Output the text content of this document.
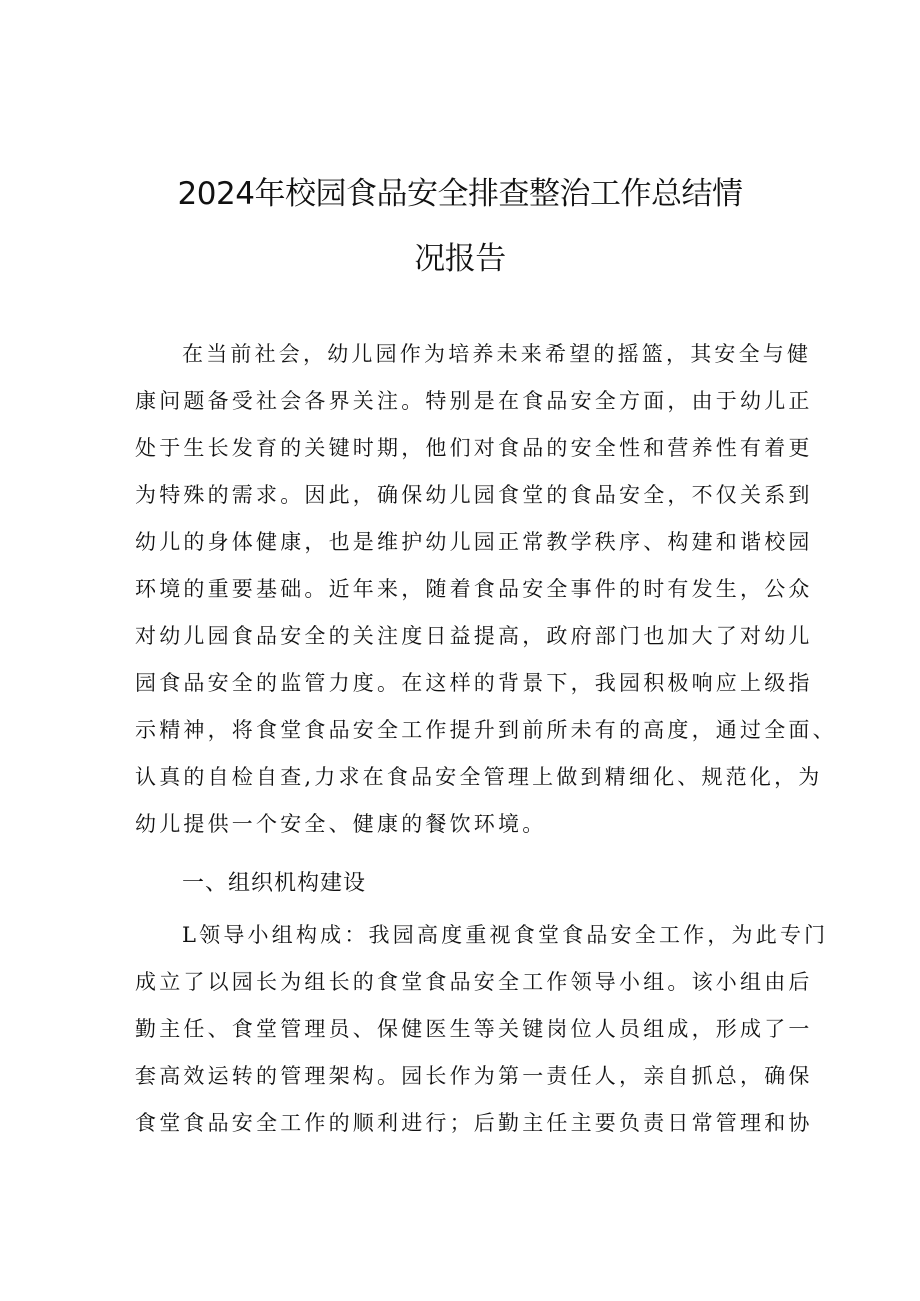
2024年校园食品安全排查整治工作总结情
况报告
在当前社会，幼儿园作为培养未来希望的摇篮，其安全与健
康问题备受社会各界关注。特别是在食品安全方面，由于幼儿正
处于生长发育的关键时期，他们对食品的安全性和营养性有着更
为特殊的需求。因此，确保幼儿园食堂的食品安全，不仅关系到
幼儿的身体健康，也是维护幼儿园正常教学秩序、构建和谐校园
环境的重要基础。近年来，随着食品安全事件的时有发生，公众
对幼儿园食品安全的关注度日益提高，政府部门也加大了对幼儿
园食品安全的监管力度。在这样的背景下，我园积极响应上级指
示精神，将食堂食品安全工作提升到前所未有的高度，通过全面、
认真的自检自查,力求在食品安全管理上做到精细化、规范化，为
幼儿提供一个安全、健康的餐饮环境。
一、组织机构建设
L领导小组构成：我园高度重视食堂食品安全工作，为此专门
成立了以园长为组长的食堂食品安全工作领导小组。该小组由后
勤主任、食堂管理员、保健医生等关键岗位人员组成，形成了一
套高效运转的管理架构。园长作为第一责任人，亲自抓总，确保
食堂食品安全工作的顺利进行；后勤主任主要负责日常管理和协
